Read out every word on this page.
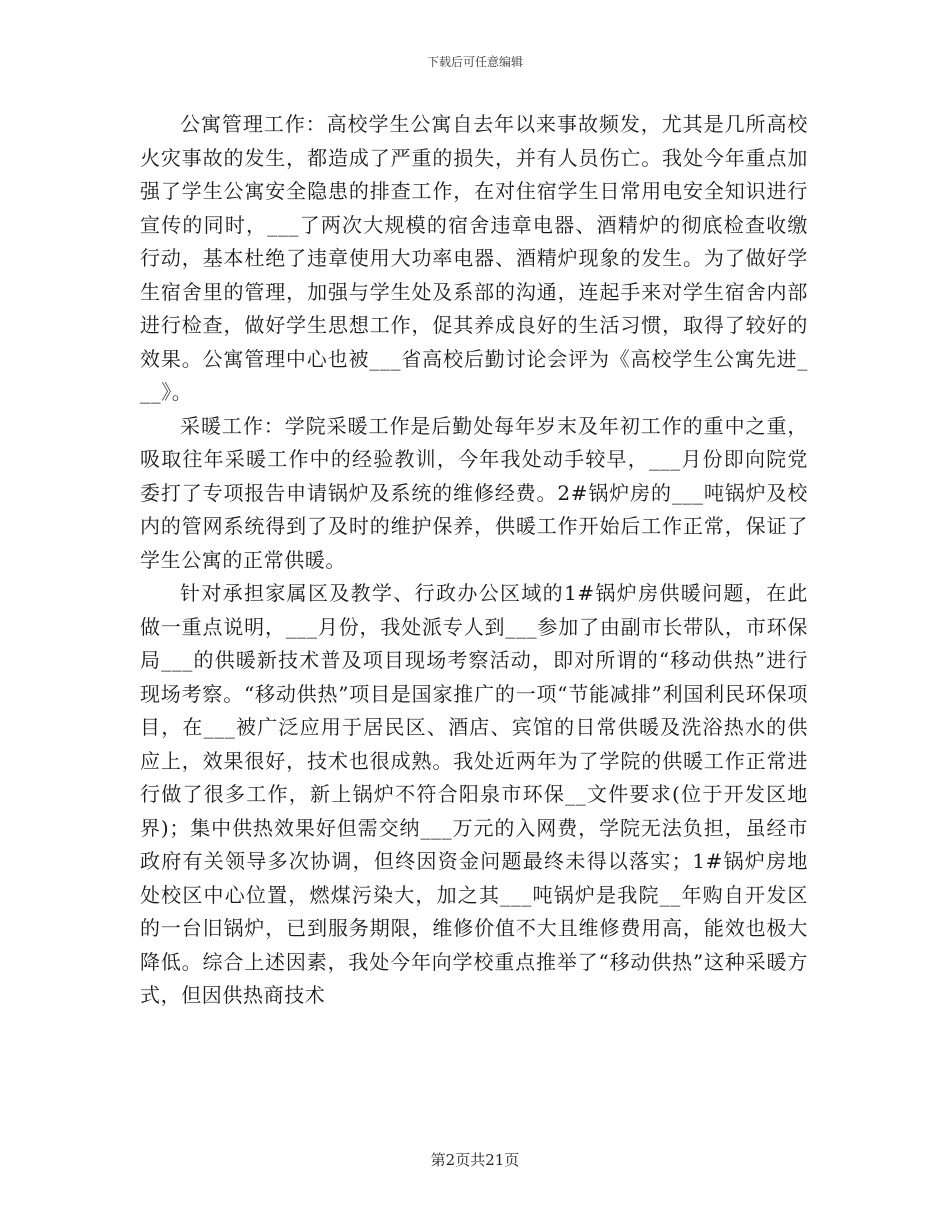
下载后可任意编辑

公寓管理工作：高校学生公寓自去年以来事故频发，尤其是几所高校火灾事故的发生，都造成了严重的损失，并有人员伤亡。我处今年重点加强了学生公寓安全隐患的排查工作，在对住宿学生日常用电安全知识进行宣传的同时，___了两次大规模的宿舍违章电器、酒精炉的彻底检查收缴行动，基本杜绝了违章使用大功率电器、酒精炉现象的发生。为了做好学生宿舍里的管理，加强与学生处及系部的沟通，连起手来对学生宿舍内部进行检查，做好学生思想工作，促其养成良好的生活习惯，取得了较好的效果。公寓管理中心也被___省高校后勤讨论会评为《高校学生公寓先进___》。

采暖工作：学院采暖工作是后勤处每年岁末及年初工作的重中之重，吸取往年采暖工作中的经验教训，今年我处动手较早，___月份即向院党委打了专项报告申请锅炉及系统的维修经费。2#锅炉房的___吨锅炉及校内的管网系统得到了及时的维护保养，供暖工作开始后工作正常，保证了学生公寓的正常供暖。

针对承担家属区及教学、行政办公区域的1#锅炉房供暖问题，在此做一重点说明，___月份，我处派专人到___参加了由副市长带队，市环保局___的供暖新技术普及项目现场考察活动，即对所谓的“移动供热”进行现场考察。“移动供热”项目是国家推广的一项“节能减排”利国利民环保项目，在___被广泛应用于居民区、酒店、宾馆的日常供暖及洗浴热水的供应上，效果很好，技术也很成熟。我处近两年为了学院的供暖工作正常进行做了很多工作，新上锅炉不符合阳泉市环保__文件要求(位于开发区地界)；集中供热效果好但需交纳___万元的入网费，学院无法负担，虽经市政府有关领导多次协调，但终因资金问题最终未得以落实；1#锅炉房地处校区中心位置，燃煤污染大，加之其___吨锅炉是我院__年购自开发区的一台旧锅炉，已到服务期限，维修价值不大且维修费用高，能效也极大降低。综合上述因素，我处今年向学校重点推举了“移动供热”这种采暖方式，但因供热商技术

第2页共21页
